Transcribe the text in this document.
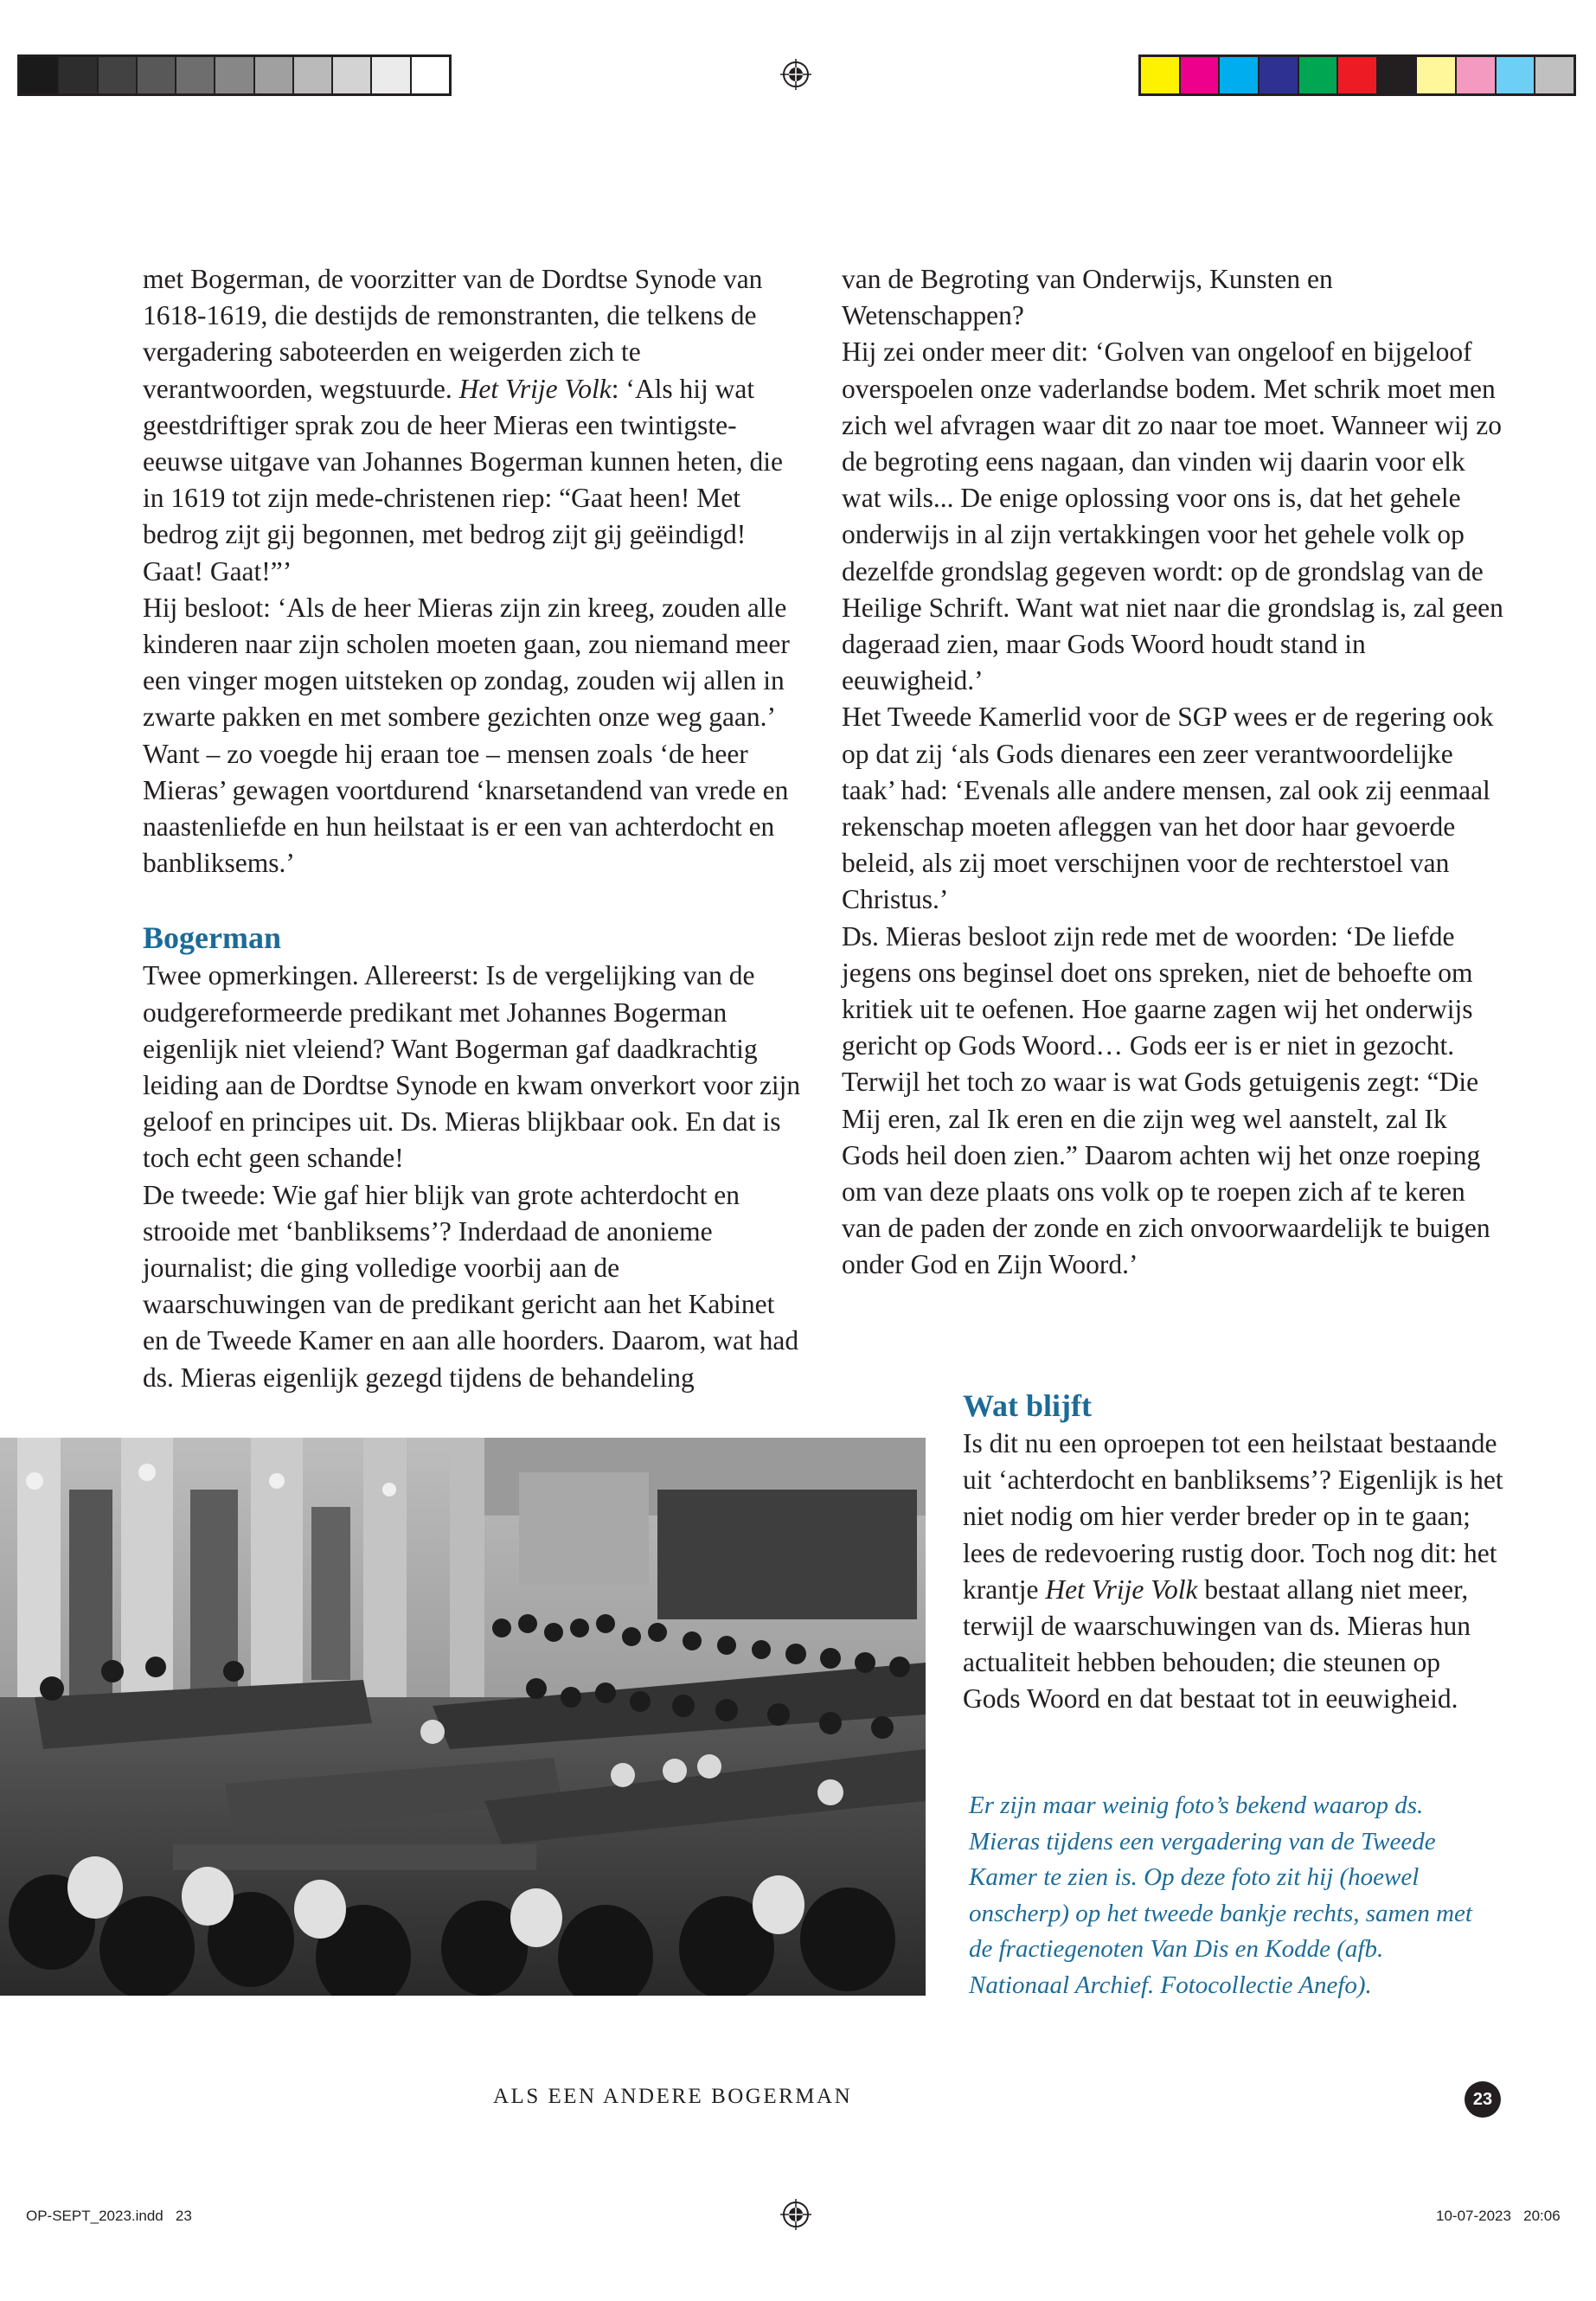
met Bogerman, de voorzitter van de Dordtse Synode van 1618-1619, die destijds de remonstranten, die telkens de vergadering saboteerden en weigerden zich te verantwoorden, wegstuurde. Het Vrije Volk: ‘Als hij wat geestdriftiger sprak zou de heer Mieras een twintigste-eeuwse uitgave van Johannes Bogerman kunnen heten, die in 1619 tot zijn mede-christenen riep: “Gaat heen! Met bedrog zijt gij begonnen, met bedrog zijt gij geëindigd! Gaat! Gaat!”’

Hij besloot: ‘Als de heer Mieras zijn zin kreeg, zouden alle kinderen naar zijn scholen moeten gaan, zou niemand meer een vinger mogen uitsteken op zondag, zouden wij allen in zwarte pakken en met sombere gezichten onze weg gaan.’ Want – zo voegde hij eraan toe – mensen zoals ‘de heer Mieras’ gewagen voortdurend ‘knarsetandend van vrede en naastenliefde en hun heilstaat is er een van achterdocht en banbliksems.’

Bogerman

Twee opmerkingen. Allereerst: Is de vergelijking van de oudgereformeerde predikant met Johannes Bogerman eigenlijk niet vleiend? Want Bogerman gaf daadkrachtig leiding aan de Dordtse Synode en kwam onverkort voor zijn geloof en principes uit. Ds. Mieras blijkbaar ook. En dat is toch echt geen schande!

De tweede: Wie gaf hier blijk van grote achterdocht en strooide met ‘banbliksems’? Inderdaad de anonieme journalist; die ging volledige voorbij aan de waarschuwingen van de predikant gericht aan het Kabinet en de Tweede Kamer en aan alle hoorders. Daarom, wat had ds. Mieras eigenlijk gezegd tijdens de behandeling

van de Begroting van Onderwijs, Kunsten en Wetenschappen?

Hij zei onder meer dit: ‘Golven van ongeloof en bijgeloof overspoelen onze vaderlandse bodem. Met schrik moet men zich wel afvragen waar dit zo naar toe moet. Wanneer wij zo de begroting eens nagaan, dan vinden wij daarin voor elk wat wils... De enige oplossing voor ons is, dat het gehele onderwijs in al zijn vertakkingen voor het gehele volk op dezelfde grondslag gegeven wordt: op de grondslag van de Heilige Schrift. Want wat niet naar die grondslag is, zal geen dageraad zien, maar Gods Woord houdt stand in eeuwigheid.’

Het Tweede Kamerlid voor de SGP wees er de regering ook op dat zij ‘als Gods dienares een zeer verantwoordelijke taak’ had: ‘Evenals alle andere mensen, zal ook zij eenmaal rekenschap moeten afleggen van het door haar gevoerde beleid, als zij moet verschijnen voor de rechterstoel van Christus.’

Ds. Mieras besloot zijn rede met de woorden: ‘De liefde jegens ons beginsel doet ons spreken, niet de behoefte om kritiek uit te oefenen. Hoe gaarne zagen wij het onderwijs gericht op Gods Woord… Gods eer is er niet in gezocht. Terwijl het toch zo waar is wat Gods getuigenis zegt: “Die Mij eren, zal Ik eren en die zijn weg wel aanstelt, zal Ik Gods heil doen zien.” Daarom achten wij het onze roeping om van deze plaats ons volk op te roepen zich af te keren van de paden der zonde en zich onvoorwaardelijk te buigen onder God en Zijn Woord.’

Wat blijft

Is dit nu een oproepen tot een heilstaat bestaande uit ‘achterdocht en banbliksems’? Eigenlijk is het niet nodig om hier verder breder op in te gaan; lees de redevoering rustig door. Toch nog dit: het krantje Het Vrije Volk bestaat allang niet meer, terwijl de waarschuwingen van ds. Mieras hun actualiteit hebben behouden; die steunen op Gods Woord en dat bestaat tot in eeuwigheid.

Er zijn maar weinig foto’s bekend waarop ds. Mieras tijdens een vergadering van de Tweede Kamer te zien is. Op deze foto zit hij (hoewel onscherp) op het tweede bankje rechts, samen met de fractiegenoten Van Dis en Kodde (afb. Nationaal Archief. Fotocollectie Anefo).
ALS EEN ANDERE BOGERMAN	23
OP-SEPT_2023.indd   23	10-07-2023   20:06
